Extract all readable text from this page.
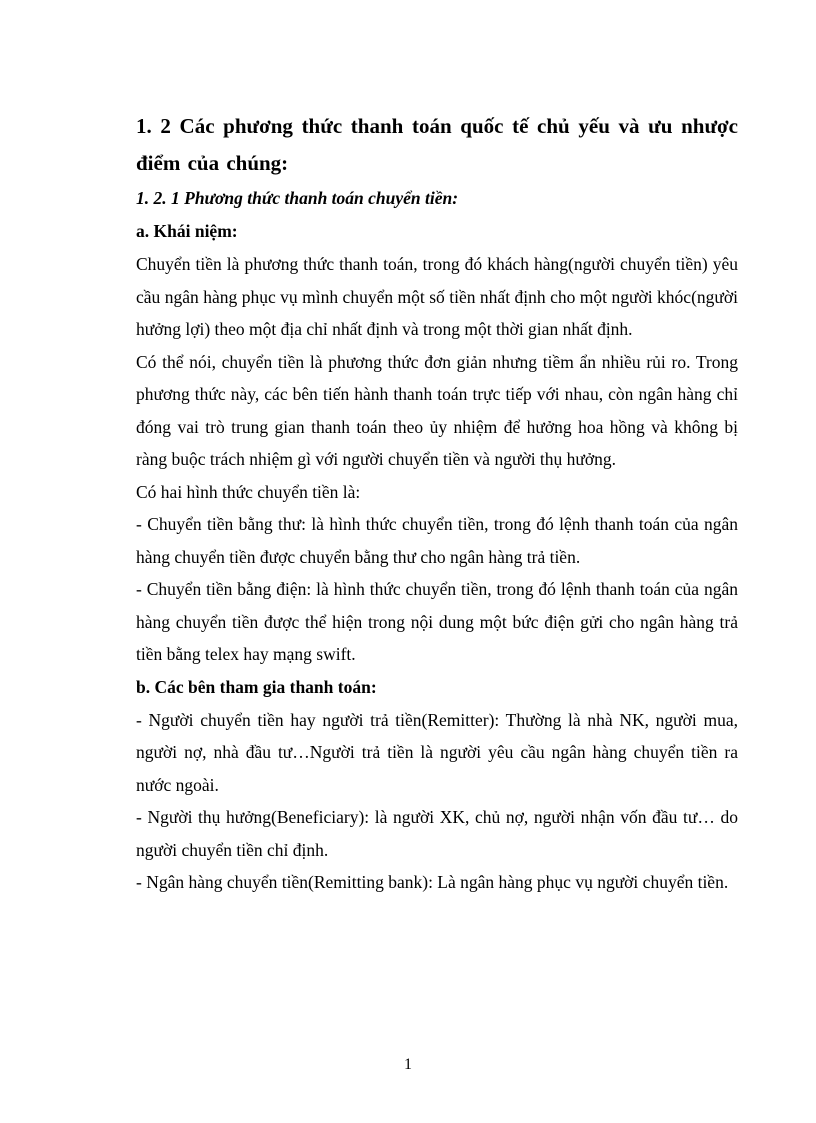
1. 2 Các phương thức thanh toán quốc tế chủ yếu và ưu nhược điểm của chúng:

1. 2. 1 Phương thức thanh toán chuyển tiền:

a. Khái niệm:

Chuyển tiền là phương thức thanh toán, trong đó khách hàng(người chuyển tiền) yêu cầu ngân hàng phục vụ mình chuyển một số tiền nhất định cho một người khóc(người hưởng lợi) theo một địa chỉ nhất định và trong một thời gian nhất định.

Có thể nói, chuyển tiền là phương thức đơn giản nhưng tiềm ẩn nhiều rủi ro. Trong phương thức này, các bên tiến hành thanh toán trực tiếp với nhau, còn ngân hàng chỉ đóng vai trò trung gian thanh toán theo ủy nhiệm để hưởng hoa hồng và không bị ràng buộc trách nhiệm gì với người chuyển tiền và người thụ hưởng.

Có hai hình thức chuyển tiền là:

- Chuyển tiền bằng thư: là hình thức chuyển tiền, trong đó lệnh thanh toán của ngân hàng chuyển tiền được chuyển bằng thư cho ngân hàng trả tiền.

- Chuyển tiền bằng điện: là hình thức chuyển tiền, trong đó lệnh thanh toán của ngân hàng chuyển tiền được thể hiện trong nội dung một bức điện gửi cho ngân hàng trả tiền bằng telex hay mạng swift.

b. Các bên tham gia thanh toán:

- Người chuyển tiền hay người trả tiền(Remitter): Thường là nhà NK, người mua, người nợ, nhà đầu tư…Người trả tiền là người yêu cầu ngân hàng chuyển tiền ra nước ngoài.

- Người thụ hưởng(Beneficiary): là người XK, chủ nợ, người nhận vốn đầu tư… do người chuyển tiền chỉ định.

- Ngân hàng chuyển tiền(Remitting bank): Là ngân hàng phục vụ người chuyển tiền.

1
